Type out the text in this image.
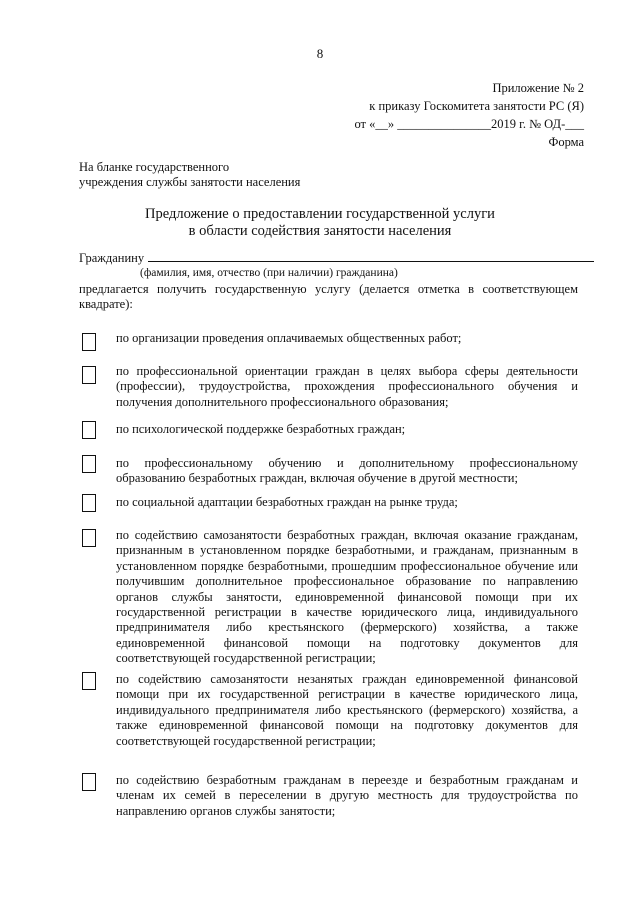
8
Приложение № 2
к приказу Госкомитета занятости РС (Я)
от «__» _______________2019 г. № ОД-___
Форма
На бланке государственного
учреждения службы занятости населения
Предложение о предоставлении государственной услуги
в области содействия занятости населения
Гражданину
(фамилия, имя, отчество (при наличии) гражданина)
предлагается получить государственную услугу (делается отметка в соответствующем квадрате):
по организации проведения оплачиваемых общественных работ;
по профессиональной ориентации граждан в целях выбора сферы деятельности (профессии), трудоустройства, прохождения профессионального обучения и получения дополнительного профессионального образования;
по психологической поддержке безработных граждан;
по профессиональному обучению и дополнительному профессиональному образованию безработных граждан, включая обучение в другой местности;
по социальной адаптации безработных граждан на рынке труда;
по содействию самозанятости безработных граждан, включая оказание гражданам, признанным в установленном порядке безработными, и гражданам, признанным в установленном порядке безработными, прошедшим профессиональное обучение или получившим дополнительное профессиональное образование по направлению органов службы занятости, единовременной финансовой помощи при их государственной регистрации в качестве юридического лица, индивидуального предпринимателя либо крестьянского (фермерского) хозяйства, а также единовременной финансовой помощи на подготовку документов для соответствующей государственной регистрации;
по содействию самозанятости незанятых граждан единовременной финансовой помощи при их государственной регистрации в качестве юридического лица, индивидуального предпринимателя либо крестьянского (фермерского) хозяйства, а также единовременной финансовой помощи на подготовку документов для соответствующей государственной регистрации;
по содействию безработным гражданам в переезде и безработным гражданам и членам их семей в переселении в другую местность для трудоустройства по направлению органов службы занятости;
